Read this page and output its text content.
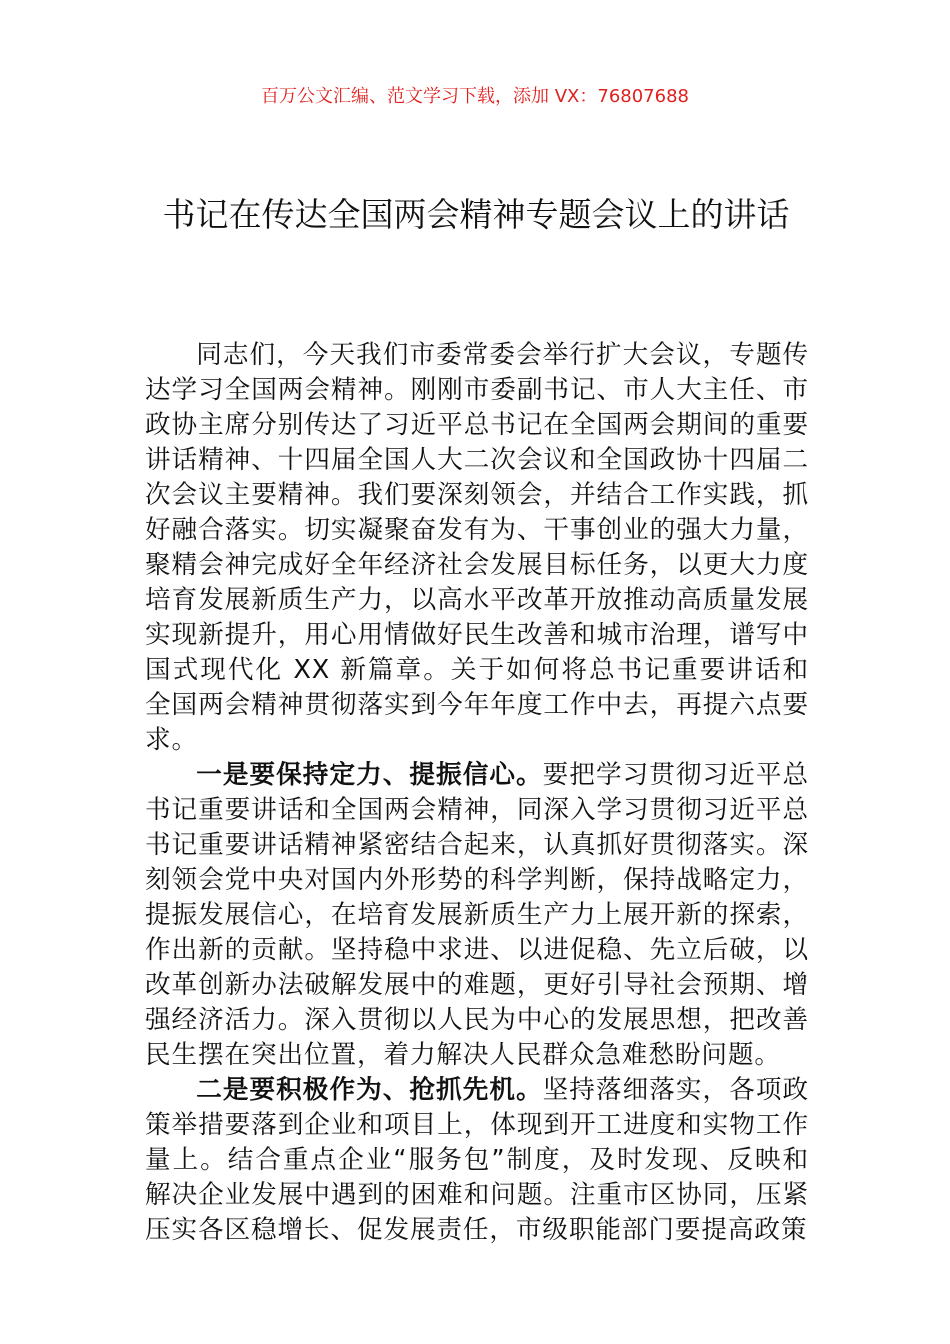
百万公文汇编、范文学习下载，添加 VX：76807688
书记在传达全国两会精神专题会议上的讲话

同志们，今天我们市委常委会举行扩大会议，专题传达学习全国两会精神。刚刚市委副书记、市人大主任、市政协主席分别传达了习近平总书记在全国两会期间的重要讲话精神、十四届全国人大二次会议和全国政协十四届二次会议主要精神。我们要深刻领会，并结合工作实践，抓好融合落实。切实凝聚奋发有为、干事创业的强大力量，聚精会神完成好全年经济社会发展目标任务，以更大力度培育发展新质生产力，以高水平改革开放推动高质量发展实现新提升，用心用情做好民生改善和城市治理，谱写中国式现代化 XX 新篇章。关于如何将总书记重要讲话和全国两会精神贯彻落实到今年年度工作中去，再提六点要求。

一是要保持定力、提振信心。要把学习贯彻习近平总书记重要讲话和全国两会精神，同深入学习贯彻习近平总书记重要讲话精神紧密结合起来，认真抓好贯彻落实。深刻领会党中央对国内外形势的科学判断，保持战略定力，提振发展信心，在培育发展新质生产力上展开新的探索，作出新的贡献。坚持稳中求进、以进促稳、先立后破，以改革创新办法破解发展中的难题，更好引导社会预期、增强经济活力。深入贯彻以人民为中心的发展思想，把改善民生摆在突出位置，着力解决人民群众急难愁盼问题。

二是要积极作为、抢抓先机。坚持落细落实，各项政策举措要落到企业和项目上，体现到开工进度和实物工作量上。结合重点企业“服务包”制度，及时发现、反映和解决企业发展中遇到的困难和问题。注重市区协同，压紧压实各区稳增长、促发展责任，市级职能部门要提高政策
